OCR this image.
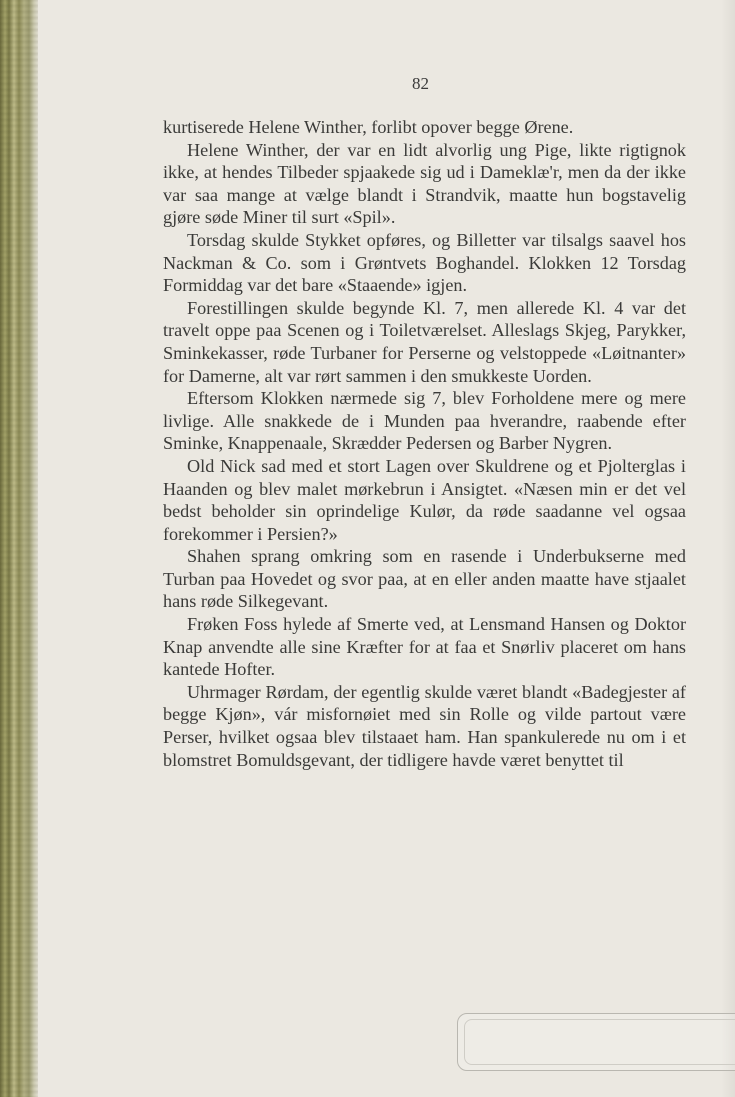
82

kurtiserede Helene Winther, forlibt opover begge Ørene.

Helene Winther, der var en lidt alvorlig ung Pige, likte rigtignok ikke, at hendes Tilbeder spjaakede sig ud i Dameklæ'r, men da der ikke var saa mange at vælge blandt i Strandvik, maatte hun bogstavelig gjøre søde Miner til surt «Spil».

Torsdag skulde Stykket opføres, og Billetter var tilsalgs saavel hos Nackman & Co. som i Grøntvets Boghandel. Klokken 12 Torsdag Formiddag var det bare «Staaende» igjen.

Forestillingen skulde begynde Kl. 7, men allerede Kl. 4 var det travelt oppe paa Scenen og i Toiletværelset. Alleslags Skjeg, Parykker, Sminkekasser, røde Turbaner for Perserne og velstoppede «Løitnanter» for Damerne, alt var rørt sammen i den smukkeste Uorden.

Eftersom Klokken nærmede sig 7, blev Forholdene mere og mere livlige. Alle snakkede de i Munden paa hverandre, raabende efter Sminke, Knappenaale, Skrædder Pedersen og Barber Nygren.

Old Nick sad med et stort Lagen over Skuldrene og et Pjolterglas i Haanden og blev malet mørkebrun i Ansigtet. «Næsen min er det vel bedst beholder sin oprindelige Kulør, da røde saadanne vel ogsaa forekommer i Persien?»

Shahen sprang omkring som en rasende i Underbukserne med Turban paa Hovedet og svor paa, at en eller anden maatte have stjaalet hans røde Silkegevant.

Frøken Foss hylede af Smerte ved, at Lensmand Hansen og Doktor Knap anvendte alle sine Kræfter for at faa et Snørliv placeret om hans kantede Hofter.

Uhrmager Rørdam, der egentlig skulde været blandt «Badegjester af begge Kjøn», vár misfornøiet med sin Rolle og vilde partout være Perser, hvilket ogsaa blev tilstaaet ham. Han spankulerede nu om i et blomstret Bomuldsgevant, der tidligere havde været benyttet til
